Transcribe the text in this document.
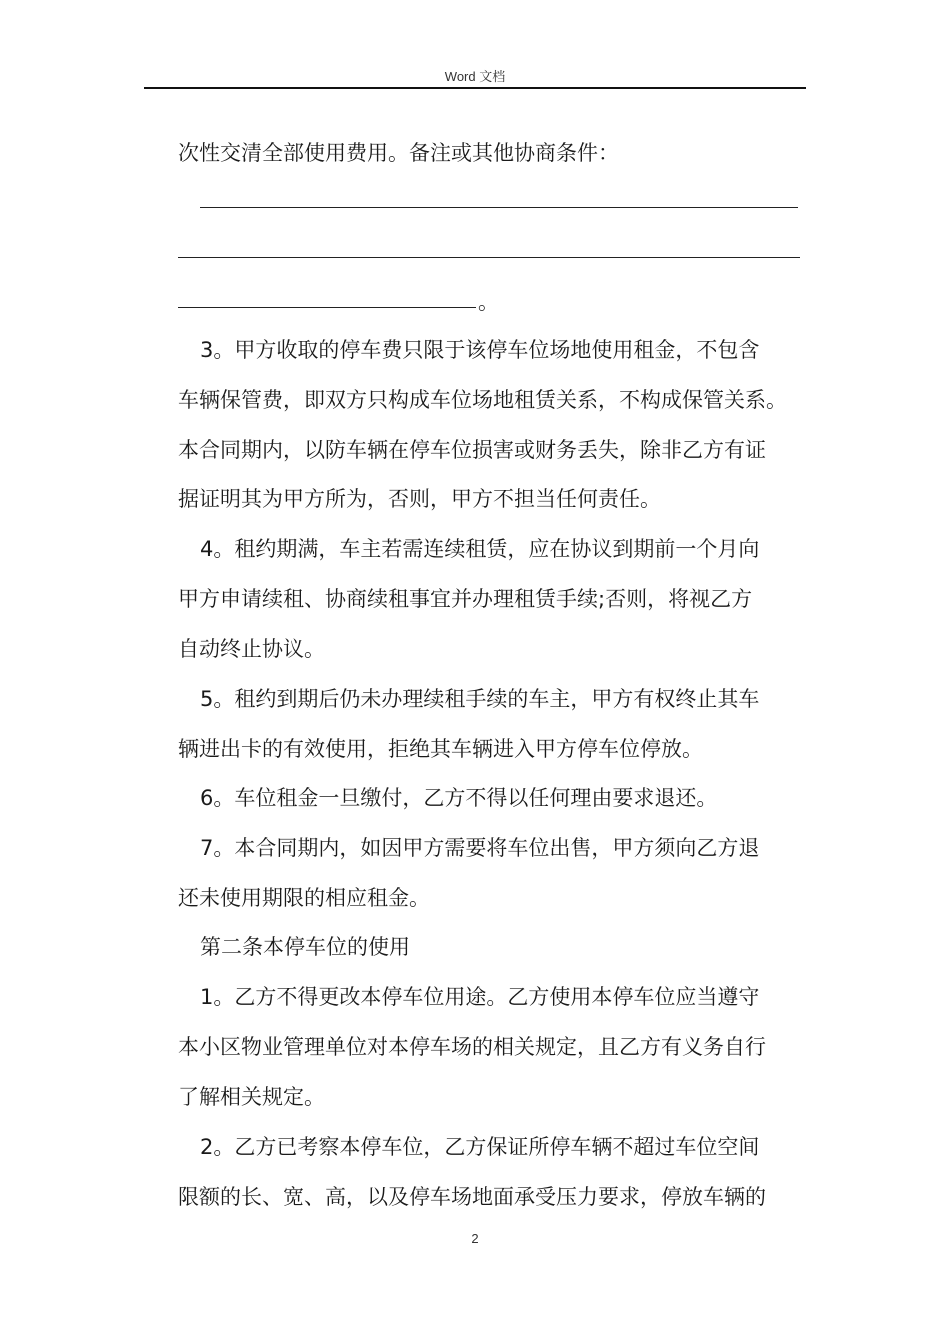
Word 文档
次性交清全部使用费用。备注或其他协商条件：
。
3。甲方收取的停车费只限于该停车位场地使用租金，不包含
车辆保管费，即双方只构成车位场地租赁关系，不构成保管关系。
本合同期内，以防车辆在停车位损害或财务丢失，除非乙方有证
据证明其为甲方所为，否则，甲方不担当任何责任。
4。租约期满，车主若需连续租赁，应在协议到期前一个月向
甲方申请续租、协商续租事宜并办理租赁手续;否则，将视乙方
自动终止协议。
5。租约到期后仍未办理续租手续的车主，甲方有权终止其车
辆进出卡的有效使用，拒绝其车辆进入甲方停车位停放。
6。车位租金一旦缴付，乙方不得以任何理由要求退还。
7。本合同期内，如因甲方需要将车位出售，甲方须向乙方退
还未使用期限的相应租金。
第二条本停车位的使用
1。乙方不得更改本停车位用途。乙方使用本停车位应当遵守
本小区物业管理单位对本停车场的相关规定，且乙方有义务自行
了解相关规定。
2。乙方已考察本停车位，乙方保证所停车辆不超过车位空间
限额的长、宽、高，以及停车场地面承受压力要求，停放车辆的
2
